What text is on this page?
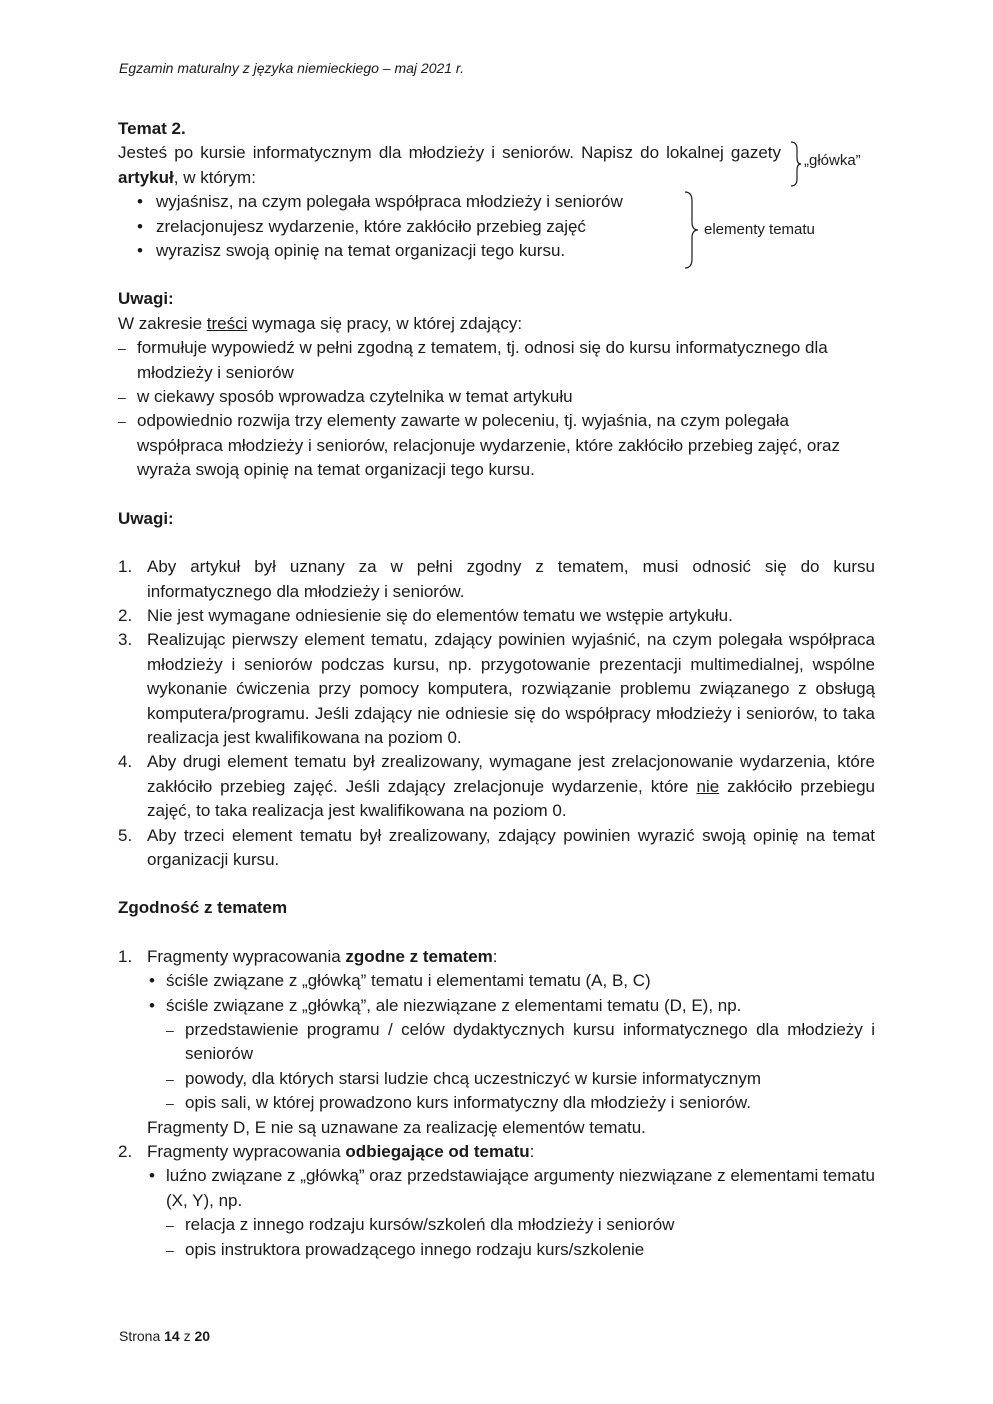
Egzamin maturalny z języka niemieckiego – maj 2021 r.

Temat 2.

Jesteś po kursie informatycznym dla młodzieży i seniorów. Napisz do lokalnej gazety artykuł, w którym:

„główka”
• wyjaśnisz, na czym polegała współpraca młodzieży i seniorów
• zrelacjonujesz wydarzenie, które zakłóciło przebieg zajęć
• wyrazisz swoją opinię na temat organizacji tego kursu.
elementy tematu

Uwagi:

W zakresie treści wymaga się pracy, w której zdający:

– formułuje wypowiedź w pełni zgodną z tematem, tj. odnosi się do kursu informatycznego dla młodzieży i seniorów
– w ciekawy sposób wprowadza czytelnika w temat artykułu
– odpowiednio rozwija trzy elementy zawarte w poleceniu, tj. wyjaśnia, na czym polegała współpraca młodzieży i seniorów, relacjonuje wydarzenie, które zakłóciło przebieg zajęć, oraz wyraża swoją opinię na temat organizacji tego kursu.

Uwagi:

1. Aby artykuł był uznany za w pełni zgodny z tematem, musi odnosić się do kursu informatycznego dla młodzieży i seniorów.
2. Nie jest wymagane odniesienie się do elementów tematu we wstępie artykułu.
3. Realizując pierwszy element tematu, zdający powinien wyjaśnić, na czym polegała współpraca młodzieży i seniorów podczas kursu, np. przygotowanie prezentacji multimedialnej, wspólne wykonanie ćwiczenia przy pomocy komputera, rozwiązanie problemu związanego z obsługą komputera/programu. Jeśli zdający nie odniesie się do współpracy młodzieży i seniorów, to taka realizacja jest kwalifikowana na poziom 0.
4. Aby drugi element tematu był zrealizowany, wymagane jest zrelacjonowanie wydarzenia, które zakłóciło przebieg zajęć. Jeśli zdający zrelacjonuje wydarzenie, które nie zakłóciło przebiegu zajęć, to taka realizacja jest kwalifikowana na poziom 0.
5. Aby trzeci element tematu był zrealizowany, zdający powinien wyrazić swoją opinię na temat organizacji kursu.

Zgodność z tematem

1. Fragmenty wypracowania zgodne z tematem:
• ściśle związane z „główką” tematu i elementami tematu (A, B, C)
• ściśle związane z „główką”, ale niezwiązane z elementami tematu (D, E), np.
– przedstawienie programu / celów dydaktycznych kursu informatycznego dla młodzieży i seniorów
– powody, dla których starsi ludzie chcą uczestniczyć w kursie informatycznym
– opis sali, w której prowadzono kurs informatyczny dla młodzieży i seniorów.
Fragmenty D, E nie są uznawane za realizację elementów tematu.
2. Fragmenty wypracowania odbiegające od tematu:
• luźno związane z „główką” oraz przedstawiające argumenty niezwiązane z elementami tematu (X, Y), np.
– relacja z innego rodzaju kursów/szkoleń dla młodzieży i seniorów
– opis instruktora prowadzącego innego rodzaju kurs/szkolenie
Strona 14 z 20
